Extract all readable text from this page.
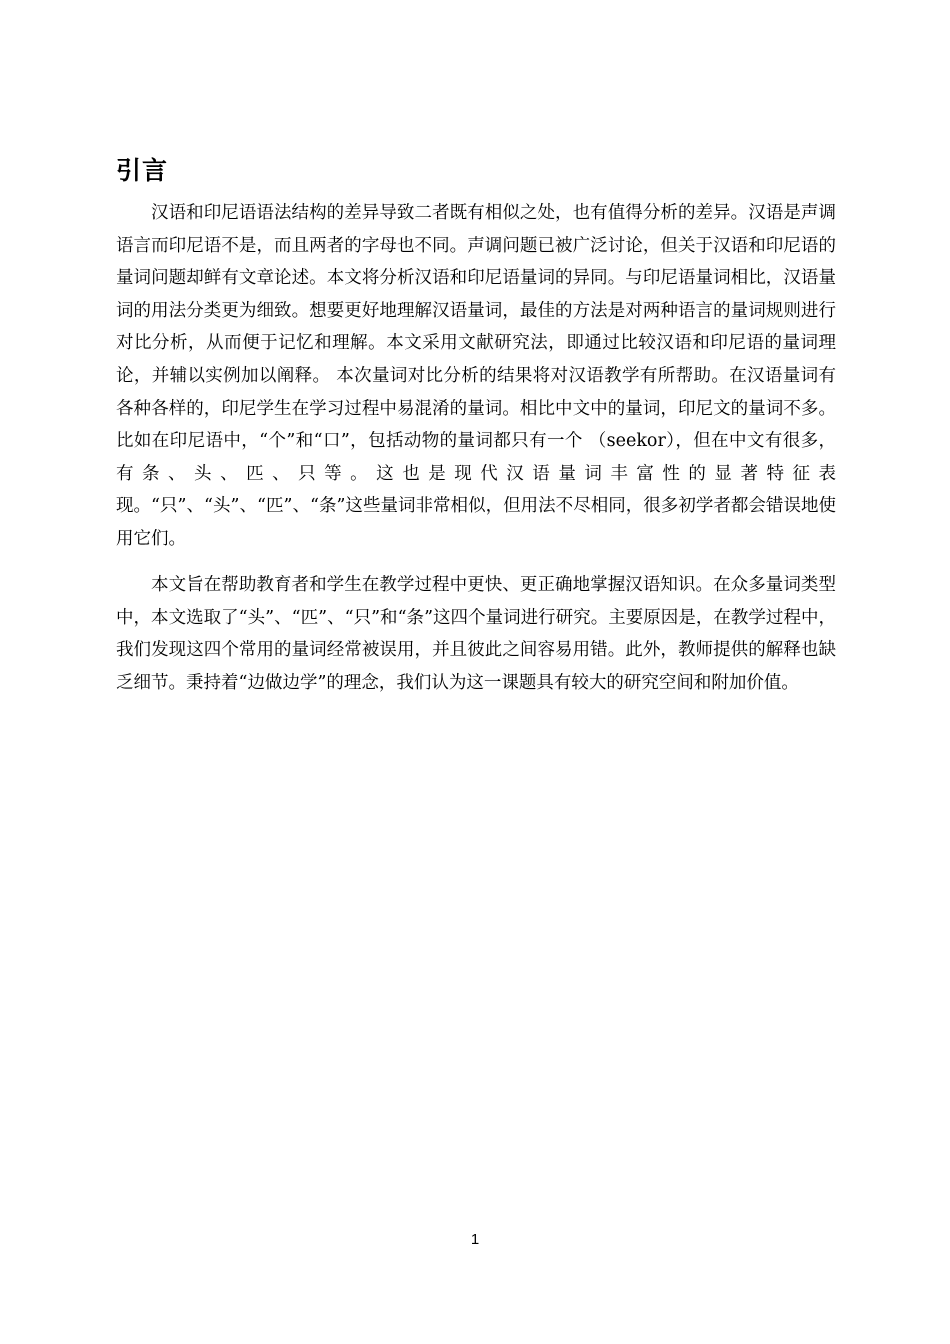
引言

汉语和印尼语语法结构的差异导致二者既有相似之处，也有值得分析的差异。汉语是声调语言而印尼语不是，而且两者的字母也不同。声调问题已被广泛讨论，但关于汉语和印尼语的量词问题却鲜有文章论述。本文将分析汉语和印尼语量词的异同。与印尼语量词相比，汉语量词的用法分类更为细致。想要更好地理解汉语量词，最佳的方法是对两种语言的量词规则进行对比分析，从而便于记忆和理解。本文采用文献研究法，即通过比较汉语和印尼语的量词理论，并辅以实例加以阐释。 本次量词对比分析的结果将对汉语教学有所帮助。在汉语量词有各种各样的，印尼学生在学习过程中易混淆的量词。相比中文中的量词，印尼文的量词不多。比如在印尼语中，“个”和“口”，包括动物的量词都只有一个 （seekor），但在中文有很多，有条、头、匹、只等。这也是现代汉语量词丰富性的显著特征表现。“只”、“头”、“匹”、“条”这些量词非常相似，但用法不尽相同，很多初学者都会错误地使用它们。

本文旨在帮助教育者和学生在教学过程中更快、更正确地掌握汉语知识。在众多量词类型中，本文选取了“头”、“匹”、“只”和“条”这四个量词进行研究。主要原因是，在教学过程中，我们发现这四个常用的量词经常被误用，并且彼此之间容易用错。此外，教师提供的解释也缺乏细节。秉持着“边做边学”的理念，我们认为这一课题具有较大的研究空间和附加价值。

1
